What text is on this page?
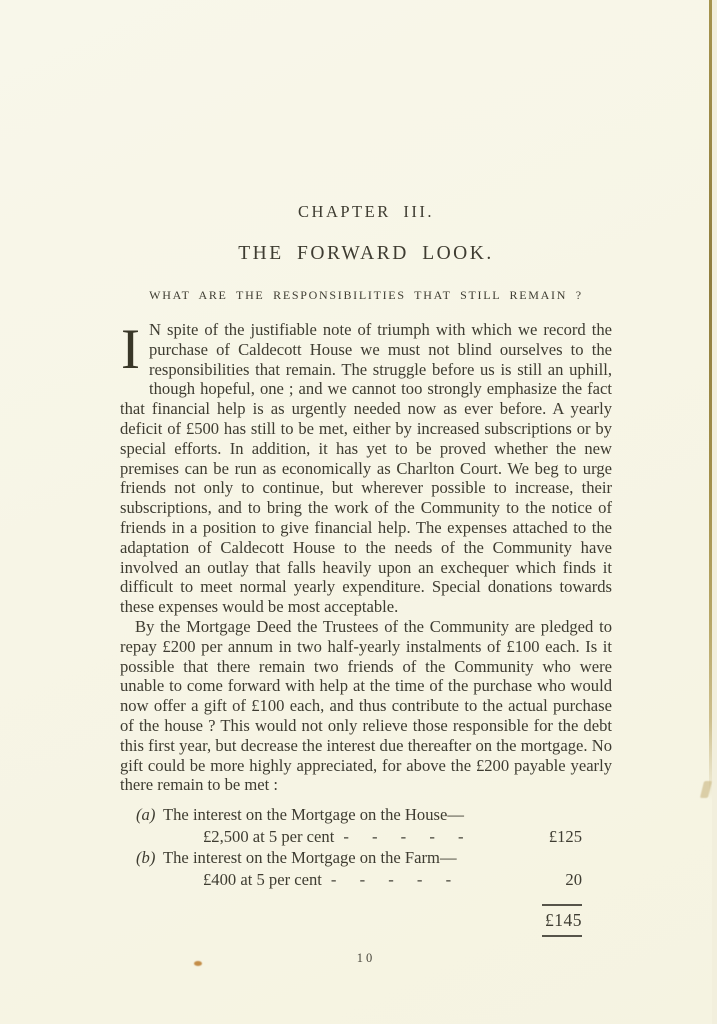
CHAPTER III.
THE FORWARD LOOK.
WHAT ARE THE RESPONSIBILITIES THAT STILL REMAIN ?

I N spite of the justifiable note of triumph with which we record the purchase of Caldecott House we must not blind ourselves to the responsibilities that remain. The struggle before us is still an uphill, though hopeful, one ; and we cannot too strongly emphasize the fact that financial help is as urgently needed now as ever before. A yearly deficit of £500 has still to be met, either by increased subscriptions or by special efforts. In addition, it has yet to be proved whether the new premises can be run as economically as Charlton Court. We beg to urge friends not only to continue, but wherever possible to increase, their subscriptions, and to bring the work of the Community to the notice of friends in a position to give financial help. The expenses attached to the adaptation of Caldecott House to the needs of the Community have involved an outlay that falls heavily upon an exchequer which finds it difficult to meet normal yearly expenditure. Special donations towards these expenses would be most acceptable.

By the Mortgage Deed the Trustees of the Community are pledged to repay £200 per annum in two half-yearly instalments of £100 each. Is it possible that there remain two friends of the Community who were unable to come forward with help at the time of the purchase who would now offer a gift of £100 each, and thus contribute to the actual purchase of the house ? This would not only relieve those responsible for the debt this first year, but decrease the interest due thereafter on the mortgage. No gift could be more highly appreciated, for above the £200 payable yearly there remain to be met :

(a) The interest on the Mortgage on the House—
£2,500 at 5 per cent - - - - -	£125
(b) The interest on the Mortgage on the Farm—
£400 at 5 per cent - - - - -	20
£145
10
